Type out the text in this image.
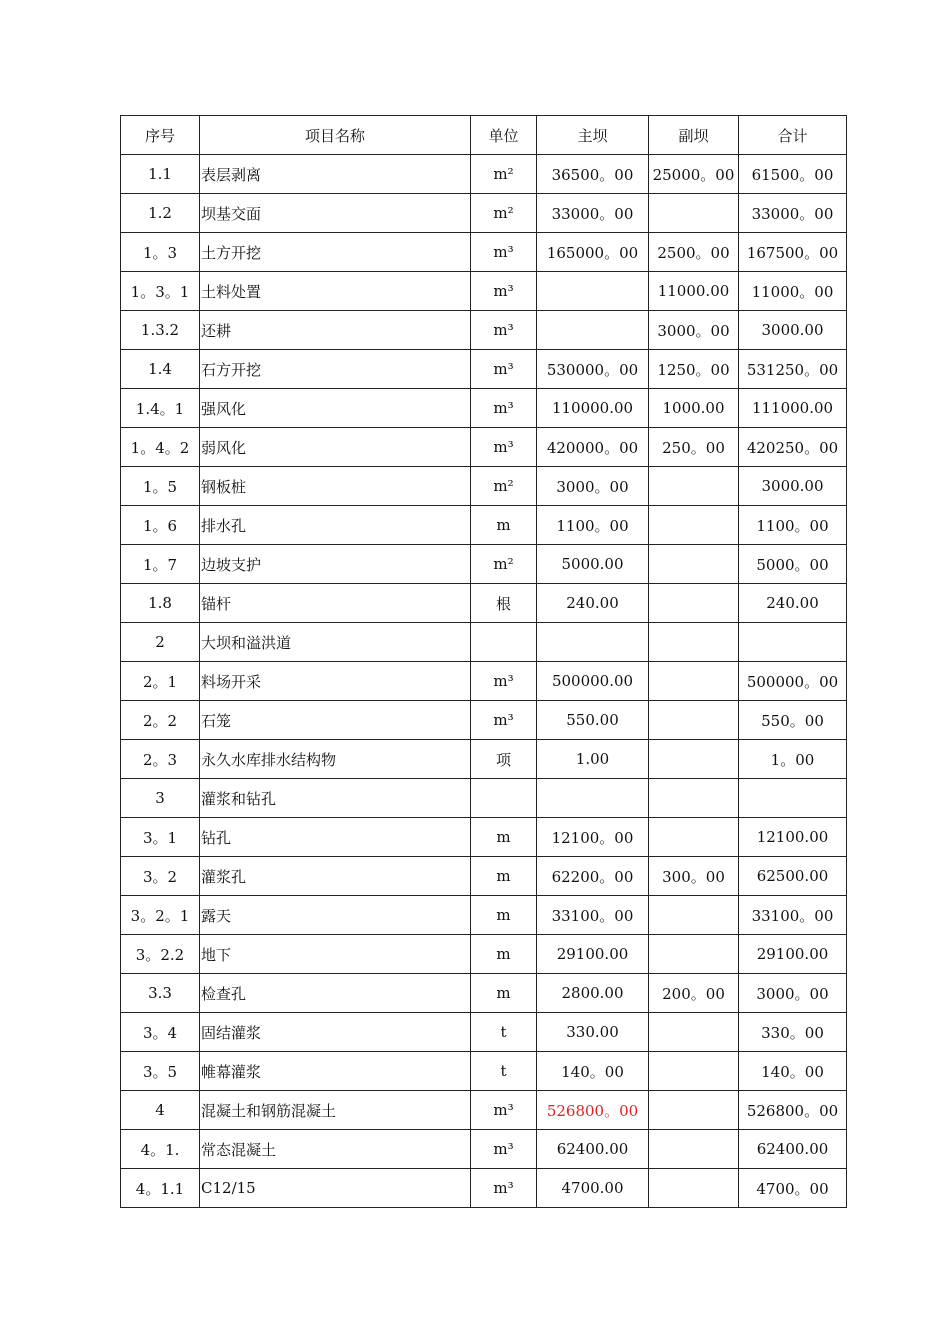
序号	项目名称	单位	主坝	副坝	合计
1.1	表层剥离	m²	36500。00	25000。00	61500。00
1.2	坝基交面	m²	33000。00		33000。00
1。3	土方开挖	m³	165000。00	2500。00	167500。00
1。3。1	土料处置	m³		11000.00	11000。00
1.3.2	还耕	m³		3000。00	3000.00
1.4	石方开挖	m³	530000。00	1250。00	531250。00
1.4。1	强风化	m³	110000.00	1000.00	111000.00
1。4。2	弱风化	m³	420000。00	250。00	420250。00
1。5	钢板桩	m²	3000。00		3000.00
1。6	排水孔	m	1100。00		1100。00
1。7	边坡支护	m²	5000.00		5000。00
1.8	锚杆	根	240.00		240.00
2	大坝和溢洪道				
2。1	料场开采	m³	500000.00		500000。00
2。2	石笼	m³	550.00		550。00
2。3	永久水库排水结构物	项	1.00		1。00
3	灌浆和钻孔				
3。1	钻孔	m	12100。00		12100.00
3。2	灌浆孔	m	62200。00	300。00	62500.00
3。2。1	露天	m	33100。00		33100。00
3。2.2	地下	m	29100.00		29100.00
3.3	检查孔	m	2800.00	200。00	3000。00
3。4	固结灌浆	t	330.00		330。00
3。5	帷幕灌浆	t	140。00		140。00
4	混凝土和钢筋混凝土	m³	526800。00		526800。00
4。1.	常态混凝土	m³	62400.00		62400.00
4。1.1	C12/15	m³	4700.00		4700。00
